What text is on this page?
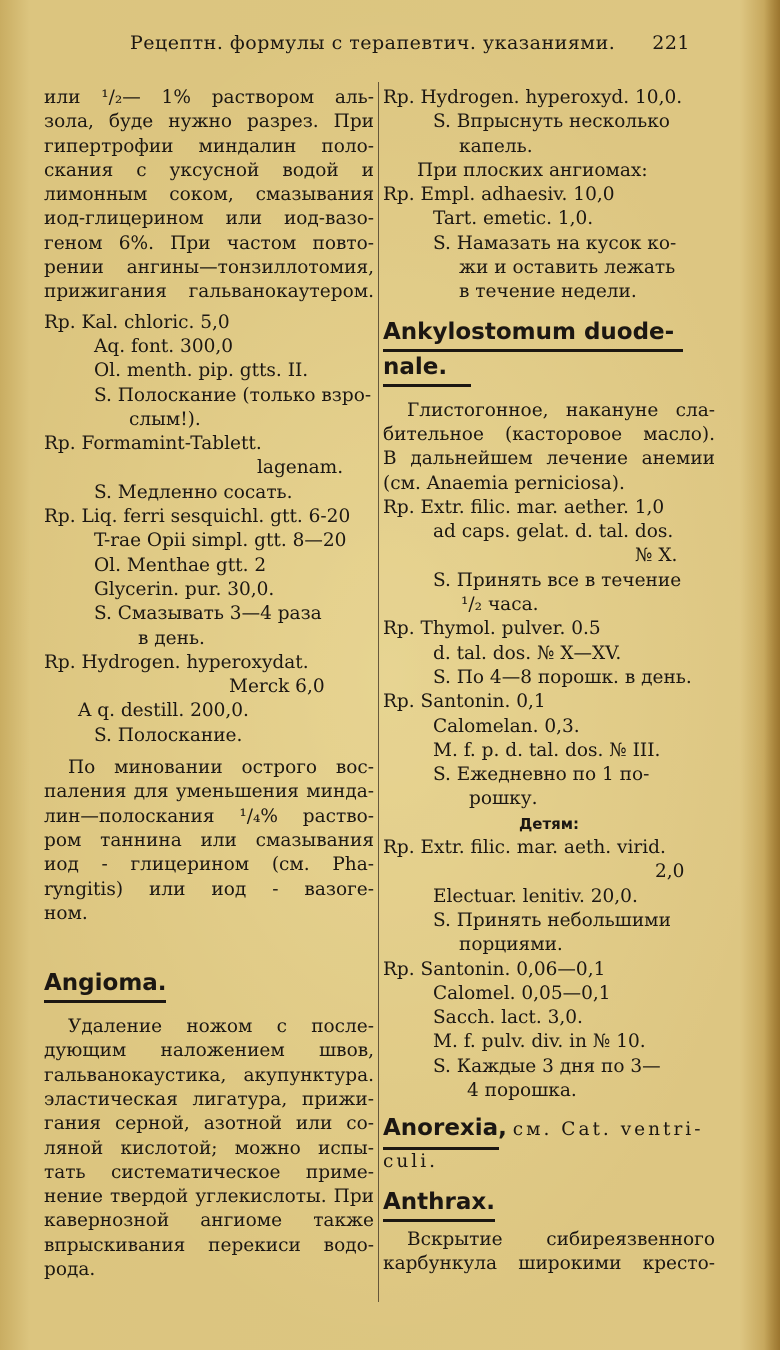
Рецептн. формулы с терапевтич. указаниями. 221
или ¹/₂— 1% раствором аль-
зола, буде нужно разрез. При
гипертрофии миндалин поло-
скания с уксусной водой и
лимонным соком, смазывания
иод-глицерином или иод-вазо-
геном 6%. При частом повто-
рении ангины—тонзиллотомия,
прижигания гальванокаутером.
Rp. Kal. chloric. 5,0
Aq. font. 300,0
Ol. menth. pip. gtts. II.
S. Полоскание (только взро-
слым!).
Rp. Formamint-Tablett.
lagenam.
S. Медленно сосать.
Rp. Liq. ferri sesquichl. gtt. 6-20
T-rae Opii simpl. gtt. 8—20
Ol. Menthae gtt. 2
Glycerin. pur. 30,0.
S. Смазывать 3—4 раза
в день.
Rp. Hydrogen. hyperoxydat.
Merck 6,0
A q. destill. 200,0.
S. Полоскание.
По миновании острого вос-
паления для уменьшения минда-
лин—полоскания ¹/₄% раство-
ром таннина или смазывания
иод - глицерином (см. Pha-
ryngitis) или иод - вазоге-
ном.
Angioma.
Удаление ножом с после-
дующим наложением швов,
гальванокаустика, акупунктура.
эластическая лигатура, прижи-
гания серной, азотной или со-
ляной кислотой; можно испы-
тать систематическое приме-
нение твердой углекислоты. При
кавернозной ангиоме также
впрыскивания перекиси водо-
рода.
Rp. Hydrogen. hyperoxyd. 10,0.
S. Впрыснуть несколько
капель.
При плоских ангиомах:
Rp. Empl. adhaesiv. 10,0
Tart. emetic. 1,0.
S. Намазать на кусок ко-
жи и оставить лежать
в течение недели.
Ankylostomum duode-
nale.
Глистогонное, накануне сла-
бительное (касторовое масло).
В дальнейшем лечение анемии
(см. Anaemia perniciosa).
Rp. Extr. filic. mar. aether. 1,0
ad caps. gelat. d. tal. dos.
№ X.
S. Принять все в течение
¹/₂ часа.
Rp. Thymol. pulver. 0.5
d. tal. dos. № X—XV.
S. По 4—8 порошк. в день.
Rp. Santonin. 0,1
Calomelan. 0,3.
M. f. p. d. tal. dos. № III.
S. Ежедневно по 1 по-
рошку.
Детям:
Rp. Extr. filic. mar. aeth. virid.
2,0
Electuar. lenitiv. 20,0.
S. Принять небольшими
порциями.
Rp. Santonin. 0,06—0,1
Calomel. 0,05—0,1
Sacch. lact. 3,0.
M. f. pulv. div. in № 10.
S. Каждые 3 дня по 3—
4 порошка.
Anorexia, см. Cat. ventri-
culi.
Anthrax.
Вскрытие сибиреязвенного
карбункула широкими кресто-
